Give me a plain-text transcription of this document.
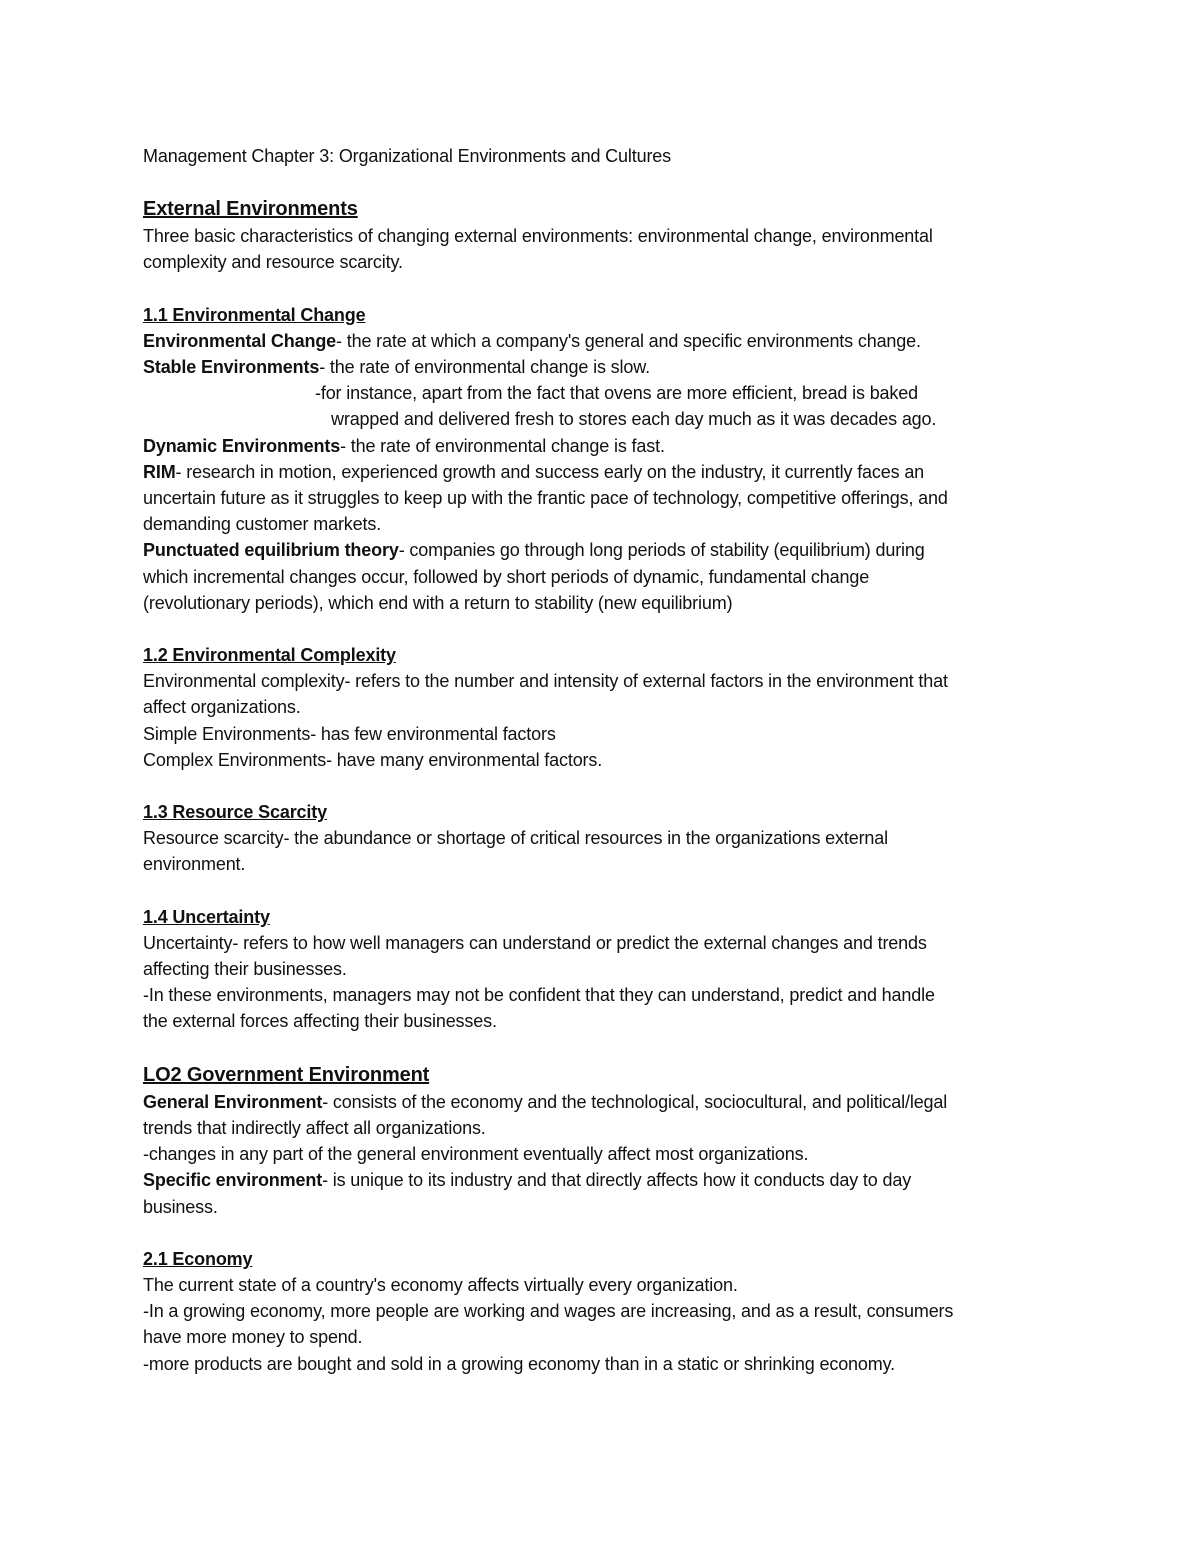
Management Chapter 3: Organizational Environments and Cultures
External Environments
Three basic characteristics of changing external environments: environmental change, environmental
complexity and resource scarcity.
1.1 Environmental Change
Environmental Change- the rate at which a company's general and specific environments change.
Stable Environments- the rate of environmental change is slow.
-for instance, apart from the fact that ovens are more efficient, bread is baked
wrapped and delivered fresh to stores each day much as it was decades ago.
Dynamic Environments- the rate of environmental change is fast.
RIM- research in motion, experienced growth and success early on the industry, it currently faces an
uncertain future as it struggles to keep up with the frantic pace of technology, competitive offerings, and
demanding customer markets.
Punctuated equilibrium theory- companies go through long periods of stability (equilibrium) during
which incremental changes occur, followed by short periods of dynamic, fundamental change
(revolutionary periods), which end with a return to stability (new equilibrium)
1.2 Environmental Complexity
Environmental complexity- refers to the number and intensity of external factors in the environment that
affect organizations.
Simple Environments- has few environmental factors
Complex Environments- have many environmental factors.
1.3 Resource Scarcity
Resource scarcity- the abundance or shortage of critical resources in the organizations external
environment.
1.4 Uncertainty
Uncertainty- refers to how well managers can understand or predict the external changes and trends
affecting their businesses.
-In these environments, managers may not be confident that they can understand, predict and handle
the external forces affecting their businesses.
LO2 Government Environment
General Environment- consists of the economy and the technological, sociocultural, and political/legal
trends that indirectly affect all organizations.
-changes in any part of the general environment eventually affect most organizations.
Specific environment- is unique to its industry and that directly affects how it conducts day to day
business.
2.1 Economy
The current state of a country's economy affects virtually every organization.
-In a growing economy, more people are working and wages are increasing, and as a result, consumers
have more money to spend.
-more products are bought and sold in a growing economy than in a static or shrinking economy.
